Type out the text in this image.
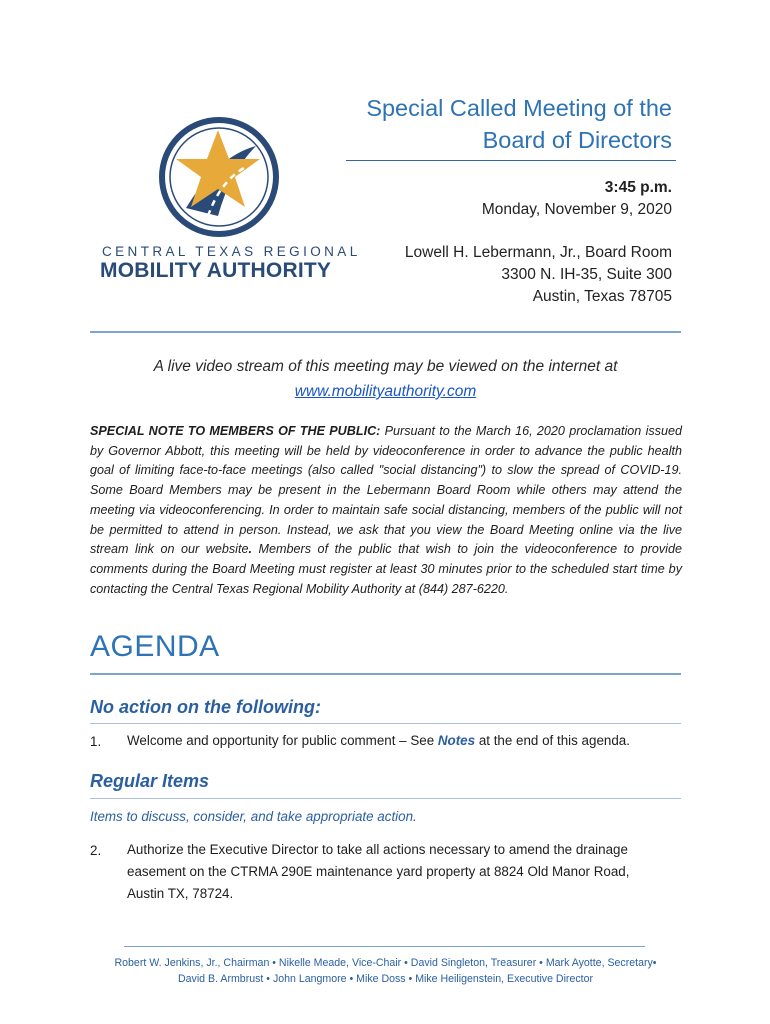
CENTRAL TEXAS REGIONAL
MOBILITY AUTHORITY
Special Called Meeting of the
Board of Directors
3:45 p.m.
Monday, November 9, 2020
Lowell H. Lebermann, Jr., Board Room
3300 N. IH-35, Suite 300
Austin, Texas 78705
A live video stream of this meeting may be viewed on the internet at
www.mobilityauthority.com
SPECIAL NOTE TO MEMBERS OF THE PUBLIC: Pursuant to the March 16, 2020 proclamation issued by Governor Abbott, this meeting will be held by videoconference in order to advance the public health goal of limiting face-to-face meetings (also called "social distancing") to slow the spread of COVID-19. Some Board Members may be present in the Lebermann Board Room while others may attend the meeting via videoconferencing. In order to maintain safe social distancing, members of the public will not be permitted to attend in person. Instead, we ask that you view the Board Meeting online via the live stream link on our website. Members of the public that wish to join the videoconference to provide comments during the Board Meeting must register at least 30 minutes prior to the scheduled start time by contacting the Central Texas Regional Mobility Authority at (844) 287-6220.
AGENDA
No action on the following:
1. Welcome and opportunity for public comment – See Notes at the end of this agenda.
Regular Items
Items to discuss, consider, and take appropriate action.
2. Authorize the Executive Director to take all actions necessary to amend the drainage
easement on the CTRMA 290E maintenance yard property at 8824 Old Manor Road,
Austin TX, 78724.
Robert W. Jenkins, Jr., Chairman • Nikelle Meade, Vice-Chair • David Singleton, Treasurer • Mark Ayotte, Secretary•
David B. Armbrust • John Langmore • Mike Doss • Mike Heiligenstein, Executive Director
